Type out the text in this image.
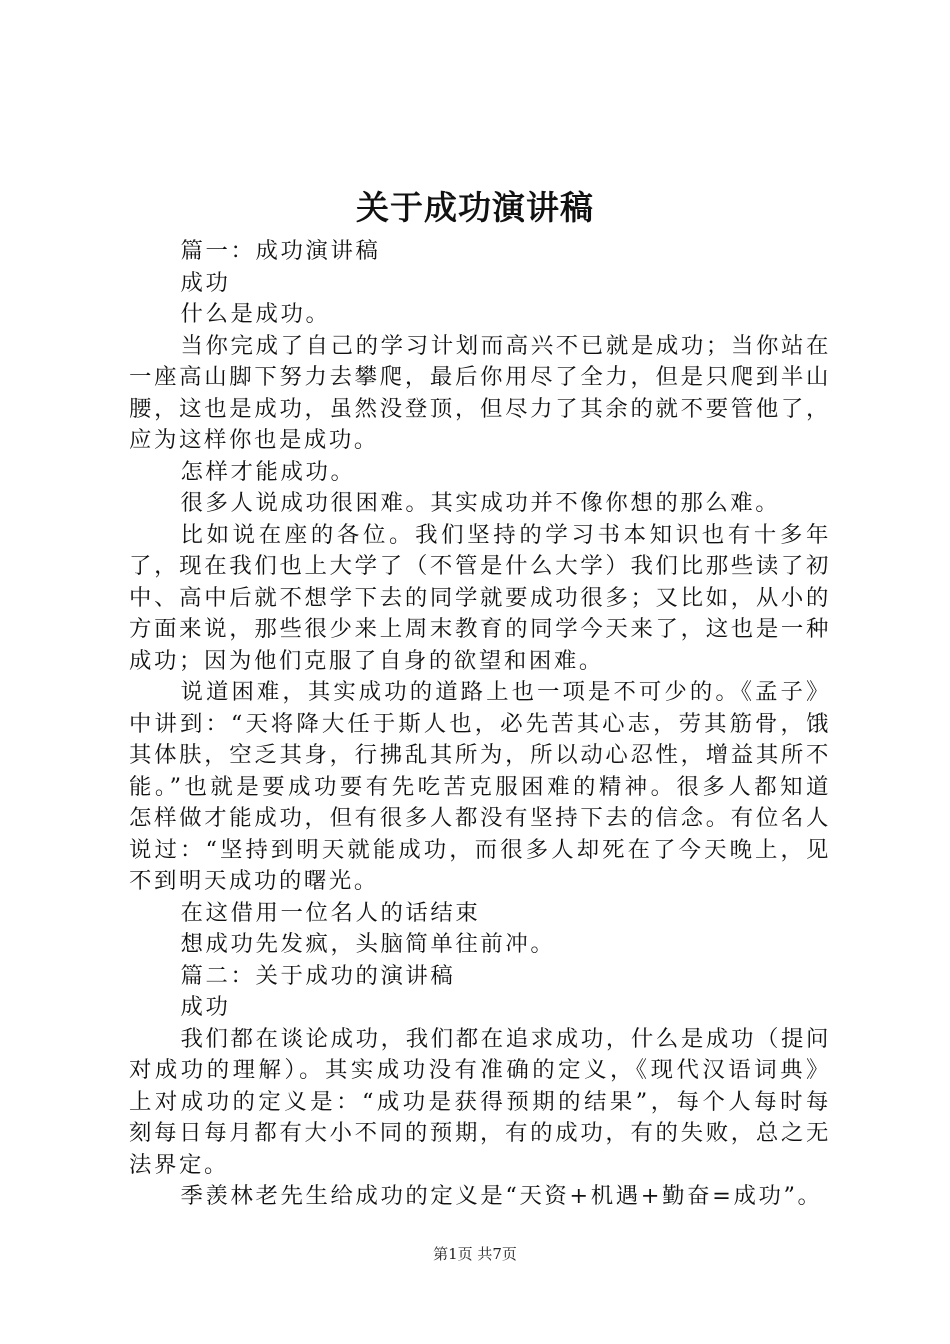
关于成功演讲稿

篇一：成功演讲稿

成功

什么是成功。

当你完成了自己的学习计划而高兴不已就是成功；当你站在一座高山脚下努力去攀爬，最后你用尽了全力，但是只爬到半山腰，这也是成功，虽然没登顶，但尽力了其余的就不要管他了，应为这样你也是成功。

怎样才能成功。

很多人说成功很困难。其实成功并不像你想的那么难。

比如说在座的各位。我们坚持的学习书本知识也有十多年了，现在我们也上大学了（不管是什么大学）我们比那些读了初中、高中后就不想学下去的同学就要成功很多；又比如，从小的方面来说，那些很少来上周末教育的同学今天来了，这也是一种成功；因为他们克服了自身的欲望和困难。

说道困难，其实成功的道路上也一项是不可少的。《孟子》中讲到：“天将降大任于斯人也，必先苦其心志，劳其筋骨，饿其体肤，空乏其身，行拂乱其所为，所以动心忍性，增益其所不能。”也就是要成功要有先吃苦克服困难的精神。很多人都知道怎样做才能成功，但有很多人都没有坚持下去的信念。有位名人说过：“坚持到明天就能成功，而很多人却死在了今天晚上，见不到明天成功的曙光。

在这借用一位名人的话结束

想成功先发疯，头脑简单往前冲。

篇二：关于成功的演讲稿

成功

我们都在谈论成功，我们都在追求成功，什么是成功（提问对成功的理解）。其实成功没有准确的定义，《现代汉语词典》上对成功的定义是：“成功是获得预期的结果”，每个人每时每刻每日每月都有大小不同的预期，有的成功，有的失败，总之无法界定。

季羡林老先生给成功的定义是“天资+机遇+勤奋=成功”。

第1页 共7页
